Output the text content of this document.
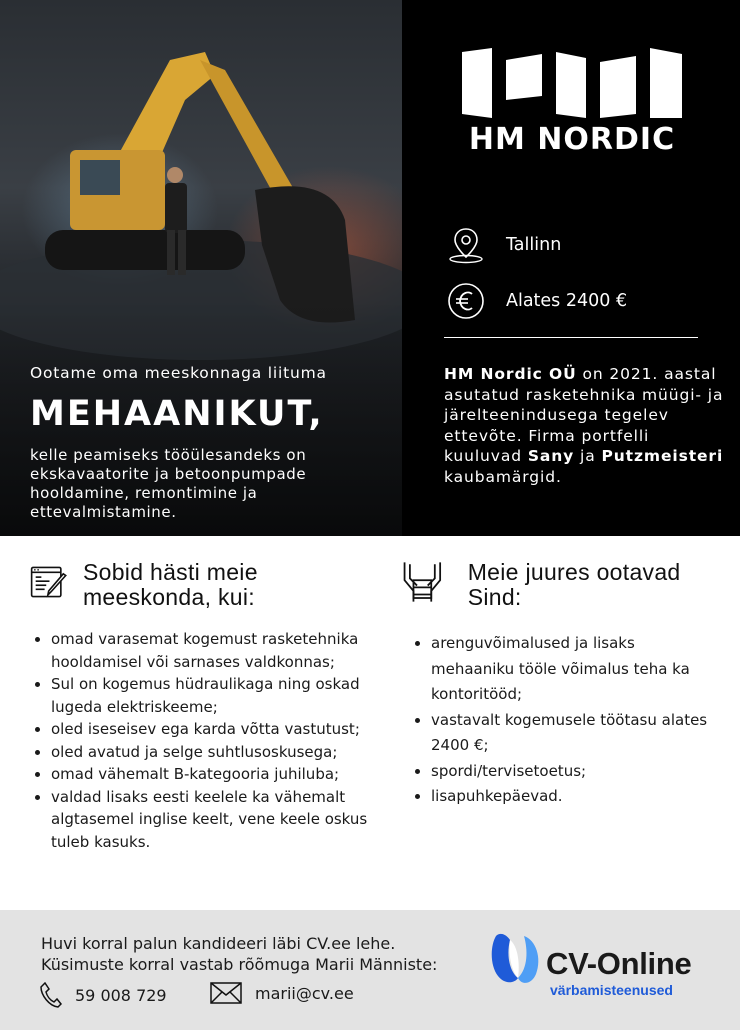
Ootame oma meeskonnaga liituma
MEHAANIKUT,
kelle peamiseks tööülesandeks on ekskavaatorite ja betoonpumpade hooldamine, remontimine ja ettevalmistamine.
HM NORDIC
Tallinn
Alates 2400 €
HM Nordic OÜ on 2021. aastal asutatud rasketehnika müügi- ja järelteenindusega tegelev ettevõte. Firma portfelli kuuluvad Sany ja Putzmeisteri kaubamärgid.
Sobid hästi meie meeskonda, kui:
• omad varasemat kogemust rasketehnika hooldamisel või sarnases valdkonnas;
• Sul on kogemus hüdraulikaga ning oskad lugeda elektriskeeme;
• oled iseseisev ega karda võtta vastutust;
• oled avatud ja selge suhtlusoskusega;
• omad vähemalt B-kategooria juhiluba;
• valdad lisaks eesti keelele ka vähemalt algtasemel inglise keelt, vene keele oskus tuleb kasuks.
Meie juures ootavad Sind:
• arenguvõimalused ja lisaks mehaaniku tööle võimalus teha ka kontoritööd;
• vastavalt kogemusele töötasu alates 2400 €;
• spordi/tervisetoetus;
• lisapuhkepäevad.
Huvi korral palun kandideeri läbi CV.ee lehe.
Küsimuste korral vastab rõõmuga Marii Männiste:
59 008 729	marii@cv.ee
CV-Online
värbamisteenused
